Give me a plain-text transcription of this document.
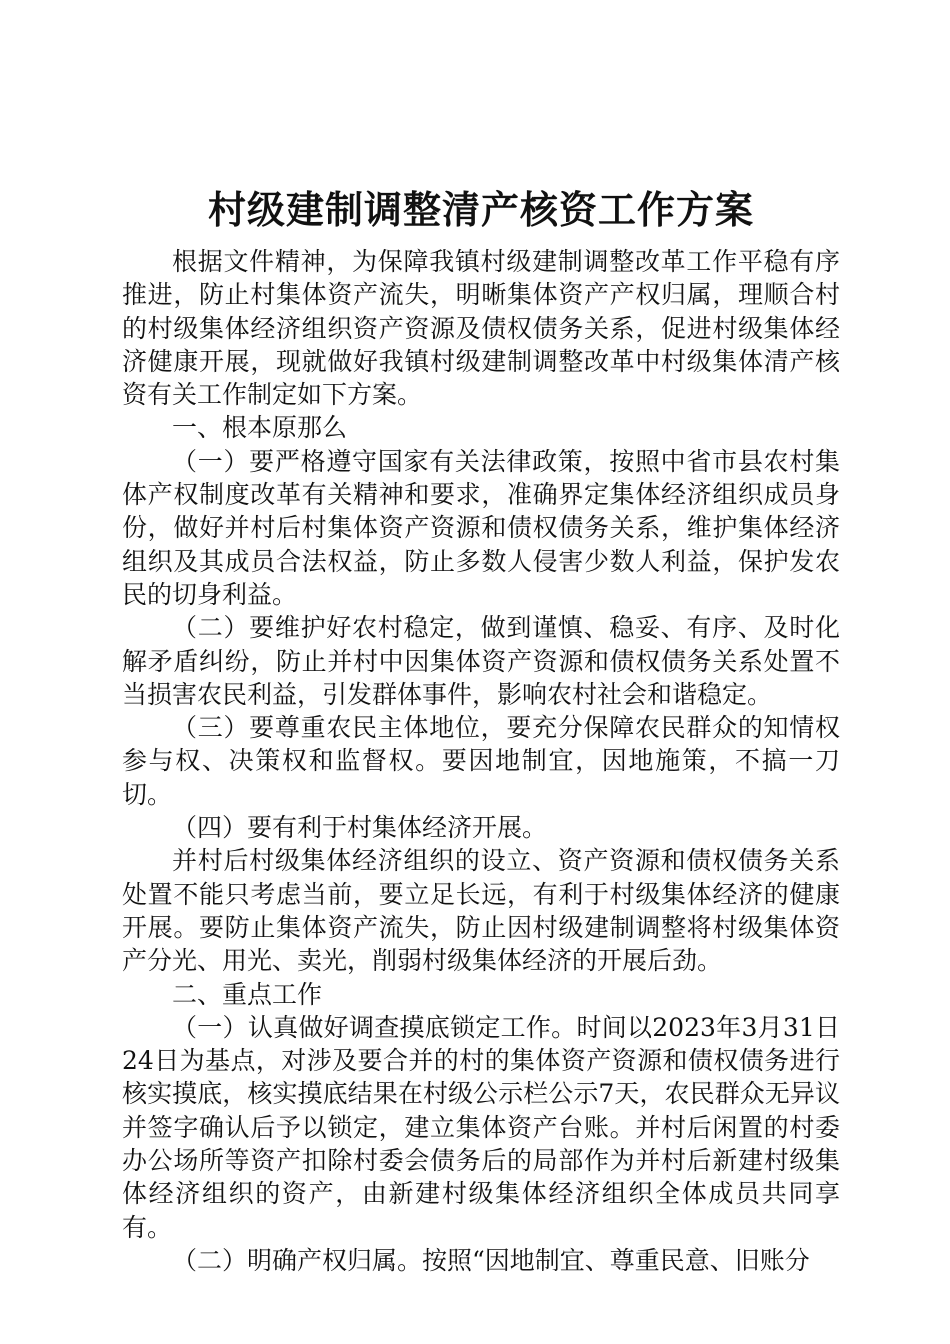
村级建制调整清产核资工作方案

根据文件精神，为保障我镇村级建制调整改革工作平稳有序推进，防止村集体资产流失，明晰集体资产产权归属，理顺合村的村级集体经济组织资产资源及债权债务关系，促进村级集体经济健康开展，现就做好我镇村级建制调整改革中村级集体清产核资有关工作制定如下方案。

一、根本原那么

（一）要严格遵守国家有关法律政策，按照中省市县农村集体产权制度改革有关精神和要求，准确界定集体经济组织成员身份，做好并村后村集体资产资源和债权债务关系，维护集体经济组织及其成员合法权益，防止多数人侵害少数人利益，保护发农民的切身利益。

（二）要维护好农村稳定，做到谨慎、稳妥、有序、及时化解矛盾纠纷，防止并村中因集体资产资源和债权债务关系处置不当损害农民利益，引发群体事件，影响农村社会和谐稳定。

（三）要尊重农民主体地位，要充分保障农民群众的知情权参与权、决策权和监督权。要因地制宜，因地施策，不搞一刀切。

（四）要有利于村集体经济开展。

并村后村级集体经济组织的设立、资产资源和债权债务关系处置不能只考虑当前，要立足长远，有利于村级集体经济的健康开展。要防止集体资产流失，防止因村级建制调整将村级集体资产分光、用光、卖光，削弱村级集体经济的开展后劲。

二、重点工作

（一）认真做好调查摸底锁定工作。时间以2023年3月31日24日为基点，对涉及要合并的村的集体资产资源和债权债务进行核实摸底，核实摸底结果在村级公示栏公示7天，农民群众无异议并签字确认后予以锁定，建立集体资产台账。并村后闲置的村委办公场所等资产扣除村委会债务后的局部作为并村后新建村级集体经济组织的资产，由新建村级集体经济组织全体成员共同享有。

（二）明确产权归属。按照“因地制宜、尊重民意、旧账分
